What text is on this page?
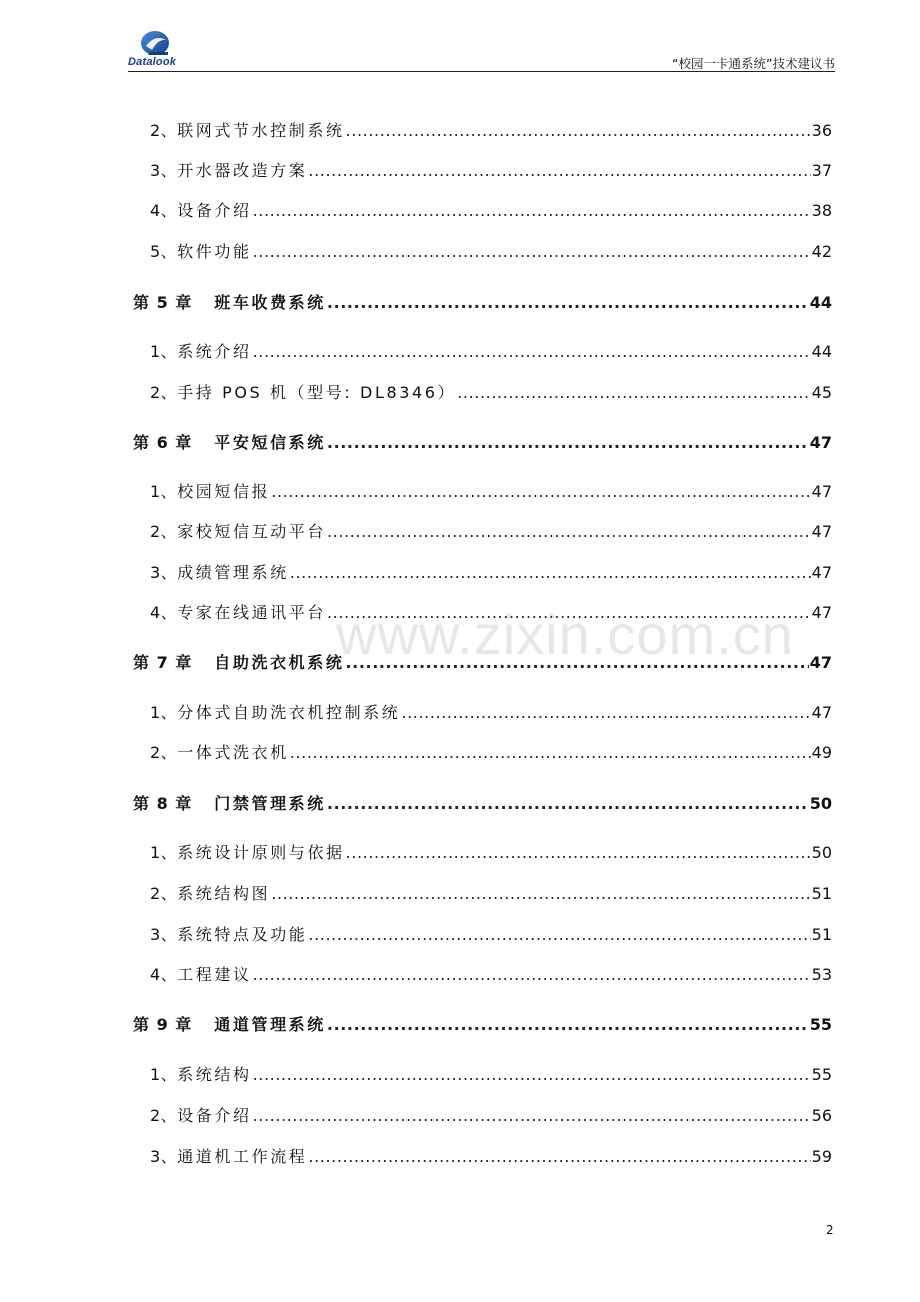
Datalook	“校园一卡通系统”技术建议书
2、 联网式节水控制系统 .....	36
3、 开水器改造方案 .....	37
4、 设备介绍 .....	38
5、 软件功能 .....	42
第 5 章 班车收费系统 .....	44
1、 系统介绍 .....	44
2、 手持 POS 机（型号: DL8346） .....	45
第 6 章 平安短信系统 .....	47
1、 校园短信报 .....	47
2、 家校短信互动平台 .....	47
3、 成绩管理系统 .....	47
4、 专家在线通讯平台 .....	47
第 7 章 自助洗衣机系统 .....	47
1、 分体式自助洗衣机控制系统 .....	47
2、 一体式洗衣机 .....	49
第 8 章 门禁管理系统 .....	50
1、 系统设计原则与依据 .....	50
2、 系统结构图 .....	51
3、 系统特点及功能 .....	51
4、 工程建议 .....	53
第 9 章 通道管理系统 .....	55
1、 系统结构 .....	55
2、 设备介绍 .....	56
3、 通道机工作流程 .....	59
www.zixin.com.cn
2
